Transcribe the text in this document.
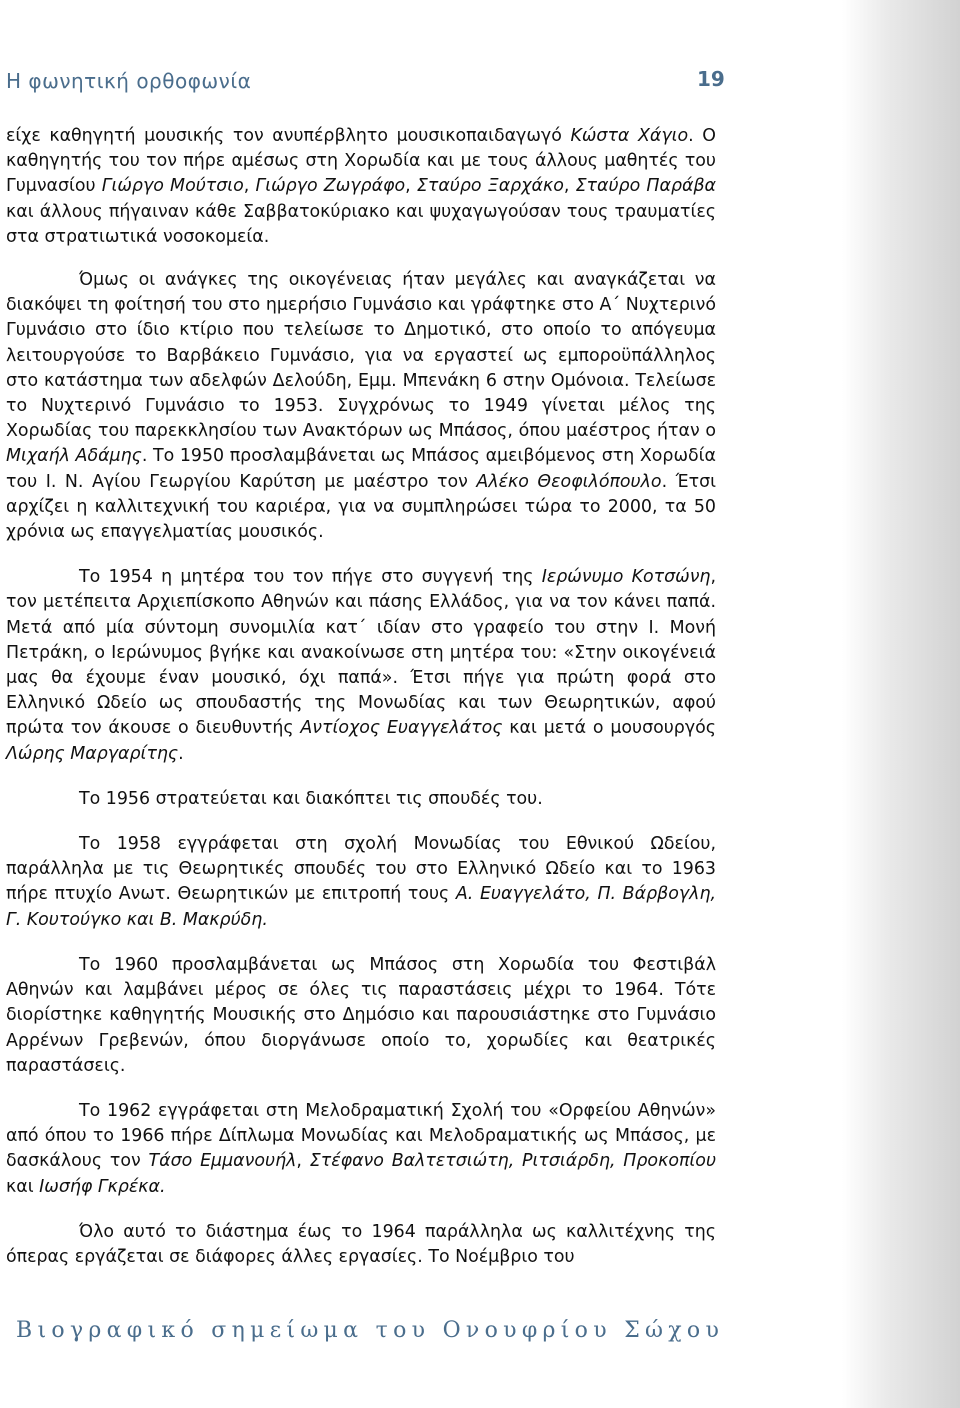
Η φωνητική ορθοφωνία	19

είχε καθηγητή μουσικής τον ανυπέρβλητο μουσικοπαιδαγωγό Κώστα Χάγιο. Ο καθηγητής του τον πήρε αμέσως στη Χορωδία και με τους άλλους μαθητές του Γυμνασίου Γιώργο Μούτσιο, Γιώργο Ζωγράφο, Σταύρο Ξαρχάκο, Σταύρο Παράβα και άλλους πήγαιναν κάθε Σαββατοκύριακο και ψυχαγωγούσαν τους τραυματίες στα στρατιωτικά νοσοκομεία.

Όμως οι ανάγκες της οικογένειας ήταν μεγάλες και αναγκάζεται να διακόψει τη φοίτησή του στο ημερήσιο Γυμνάσιο και γράφτηκε στο Α΄ Νυχτερινό Γυμνάσιο στο ίδιο κτίριο που τελείωσε το Δημοτικό, στο οποίο το απόγευμα λειτουργούσε το Βαρβάκειο Γυμνάσιο, για να εργαστεί ως εμποροϋπάλληλος στο κατάστημα των αδελφών Δελούδη, Εμμ. Μπενάκη 6 στην Ομόνοια. Τελείωσε το Νυχτερινό Γυμνάσιο το 1953. Συγχρόνως το 1949 γίνεται μέλος της Χορωδίας του παρεκκλησίου των Ανακτόρων ως Μπάσος, όπου μαέστρος ήταν ο Μιχαήλ Αδάμης. Το 1950 προσλαμβάνεται ως Μπάσος αμειβόμενος στη Χορωδία του Ι. Ν. Αγίου Γεωργίου Καρύτση με μαέστρο τον Αλέκο Θεοφιλόπουλο. Έτσι αρχίζει η καλλιτεχνική του καριέρα, για να συμπληρώσει τώρα το 2000, τα 50 χρόνια ως επαγγελματίας μουσικός.

Το 1954 η μητέρα του τον πήγε στο συγγενή της Ιερώνυμο Κοτσώνη, τον μετέπειτα Αρχιεπίσκοπο Αθηνών και πάσης Ελλάδος, για να τον κάνει παπά. Μετά από μία σύντομη συνομιλία κατ΄ ιδίαν στο γραφείο του στην Ι. Μονή Πετράκη, ο Ιερώνυμος βγήκε και ανακοίνωσε στη μητέρα του: «Στην οικογένειά μας θα έχουμε έναν μουσικό, όχι παπά». Έτσι πήγε για πρώτη φορά στο Ελληνικό Ωδείο ως σπουδαστής της Μονωδίας και των Θεωρητικών, αφού πρώτα τον άκουσε ο διευθυντής Αντίοχος Ευαγγελάτος και μετά ο μουσουργός Λώρης Μαργαρίτης.

Το 1956 στρατεύεται και διακόπτει τις σπουδές του.

Το 1958 εγγράφεται στη σχολή Μονωδίας του Εθνικού Ωδείου, παράλληλα με τις Θεωρητικές σπουδές του στο Ελληνικό Ωδείο και το 1963 πήρε πτυχίο Ανωτ. Θεωρητικών με επιτροπή τους Α. Ευαγγελάτο, Π. Βάρβογλη, Γ. Κουτούγκο και Β. Μακρύδη.

Το 1960 προσλαμβάνεται ως Μπάσος στη Χορωδία του Φεστιβάλ Αθηνών και λαμβάνει μέρος σε όλες τις παραστάσεις μέχρι το 1964. Τότε διορίστηκε καθηγητής Μουσικής στο Δημόσιο και παρουσιάστηκε στο Γυμνάσιο Αρρένων Γρεβενών, όπου διοργάνωσε οποίο το, χορωδίες και θεατρικές παραστάσεις.

Το 1962 εγγράφεται στη Μελοδραματική Σχολή του «Ορφείου Αθηνών» από όπου το 1966 πήρε Δίπλωμα Μονωδίας και Μελοδραματικής ως Μπάσος, με δασκάλους τον Τάσο Εμμανουήλ, Στέφανο Βαλτετσιώτη, Ριτσιάρδη, Προκοπίου και Ιωσήφ Γκρέκα.

Όλο αυτό το διάστημα έως το 1964 παράλληλα ως καλλιτέχνης της όπερας εργάζεται σε διάφορες άλλες εργασίες. Το Νοέμβριο του

Βιογραφικό σημείωμα του Ονουφρίου Σώχου
